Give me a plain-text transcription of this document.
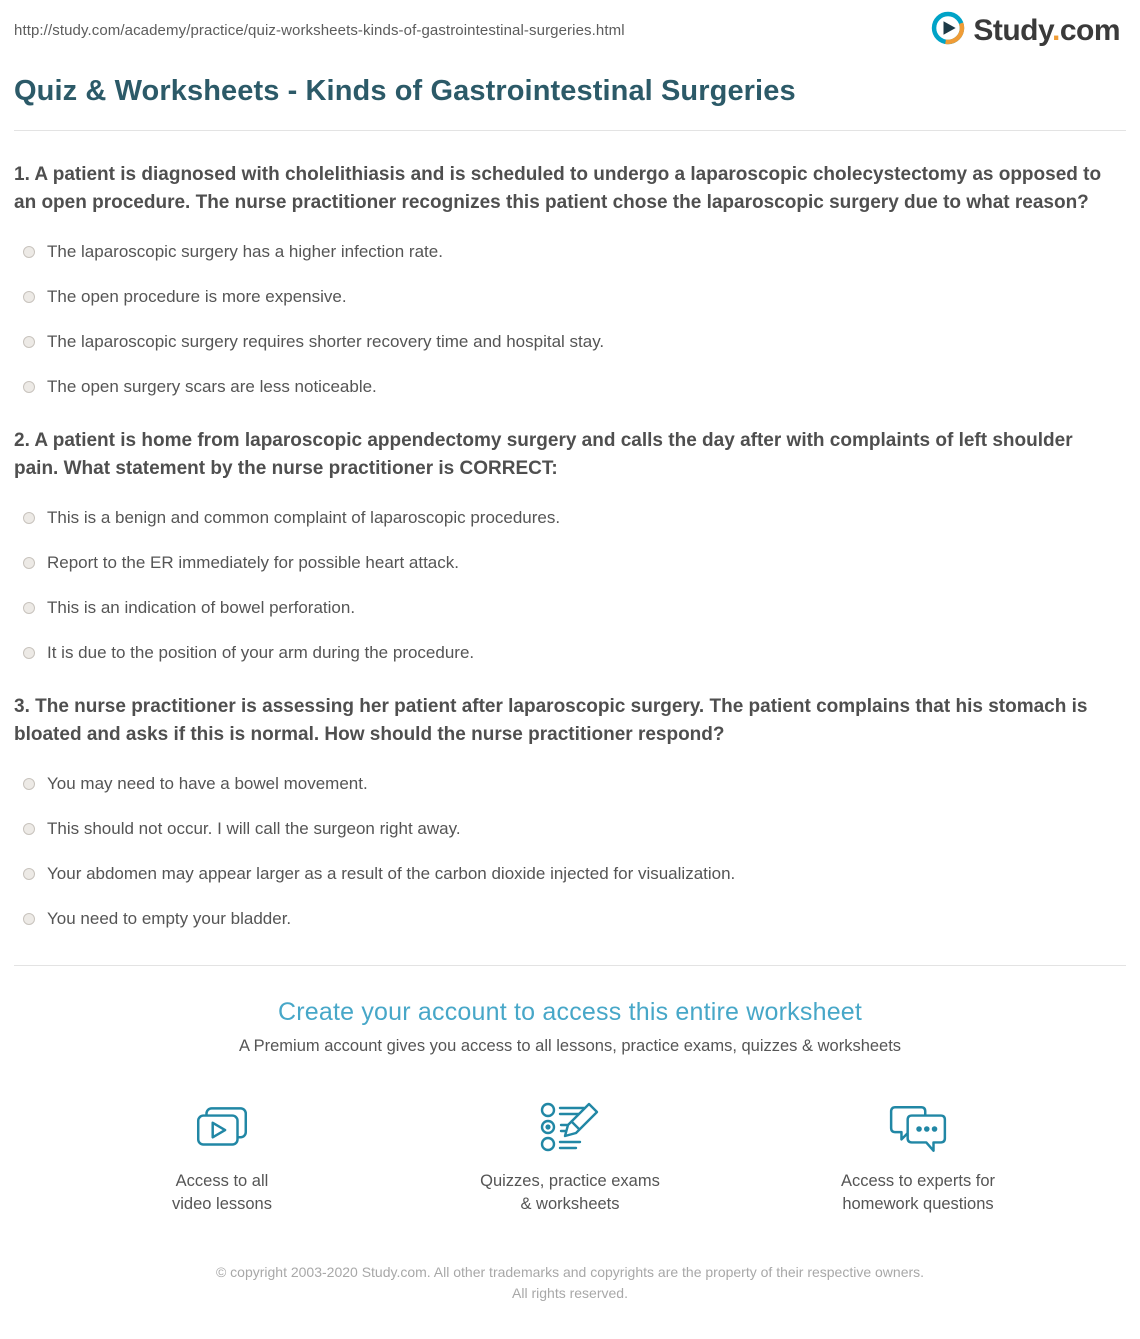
http://study.com/academy/practice/quiz-worksheets-kinds-of-gastrointestinal-surgeries.html	Study.com
Quiz & Worksheets - Kinds of Gastrointestinal Surgeries
1. A patient is diagnosed with cholelithiasis and is scheduled to undergo a laparoscopic cholecystectomy as opposed to an open procedure. The nurse practitioner recognizes this patient chose the laparoscopic surgery due to what reason?
The laparoscopic surgery has a higher infection rate.
The open procedure is more expensive.
The laparoscopic surgery requires shorter recovery time and hospital stay.
The open surgery scars are less noticeable.
2. A patient is home from laparoscopic appendectomy surgery and calls the day after with complaints of left shoulder pain. What statement by the nurse practitioner is CORRECT:
This is a benign and common complaint of laparoscopic procedures.
Report to the ER immediately for possible heart attack.
This is an indication of bowel perforation.
It is due to the position of your arm during the procedure.
3. The nurse practitioner is assessing her patient after laparoscopic surgery. The patient complains that his stomach is bloated and asks if this is normal. How should the nurse practitioner respond?
You may need to have a bowel movement.
This should not occur. I will call the surgeon right away.
Your abdomen may appear larger as a result of the carbon dioxide injected for visualization.
You need to empty your bladder.
Create your account to access this entire worksheet
A Premium account gives you access to all lessons, practice exams, quizzes & worksheets
Access to all
video lessons
Quizzes, practice exams
& worksheets
Access to experts for
homework questions
© copyright 2003-2020 Study.com. All other trademarks and copyrights are the property of their respective owners. All rights reserved.
